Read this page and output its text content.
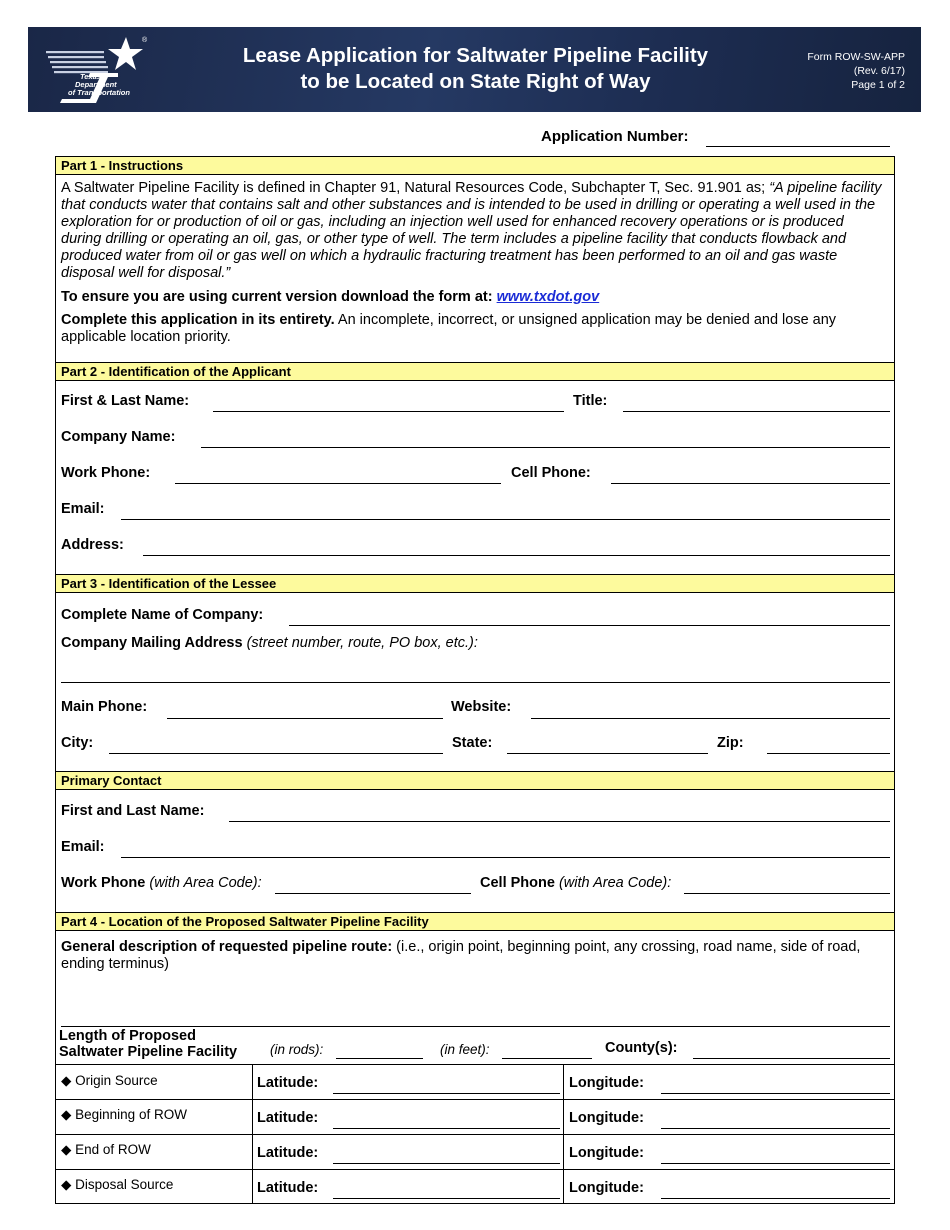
®
Texas
Department
of Transportation
Lease Application for Saltwater Pipeline Facility
to be Located on State Right of Way
Form ROW-SW-APP
(Rev. 6/17)
Page 1 of 2
Application Number:
Part 1 - Instructions
A Saltwater Pipeline Facility is defined in Chapter 91, Natural Resources Code, Subchapter T, Sec. 91.901 as; “A pipeline facility that conducts water that contains salt and other substances and is intended to be used in drilling or operating a well used in the exploration for or production of oil or gas, including an injection well used for enhanced recovery operations or is produced during drilling or operating an oil, gas, or other type of well. The term includes a pipeline facility that conducts flowback and produced water from oil or gas well on which a hydraulic fracturing treatment has been performed to an oil and gas waste disposal well for disposal.”
To ensure you are using current version download the form at: www.txdot.gov
Complete this application in its entirety. An incomplete, incorrect, or unsigned application may be denied and lose any applicable location priority.
Part 2 - Identification of the Applicant
First & Last Name:	Title:
Company Name:
Work Phone:	Cell Phone:
Email:
Address:
Part 3 - Identification of the Lessee
Complete Name of Company:
Company Mailing Address (street number, route, PO box, etc.):
Main Phone:	Website:
City:	State:	Zip:
Primary Contact
First and Last Name:
Email:
Work Phone (with Area Code):	Cell Phone (with Area Code):
Part 4 - Location of the Proposed Saltwater Pipeline Facility
General description of requested pipeline route: (i.e., origin point, beginning point, any crossing, road name, side of road, ending terminus)
Length of Proposed
Saltwater Pipeline Facility (in rods):	(in feet):	County(s):
◆ Origin Source	Latitude:	Longitude:
◆ Beginning of ROW	Latitude:	Longitude:
◆ End of ROW	Latitude:	Longitude:
◆ Disposal Source	Latitude:	Longitude:
